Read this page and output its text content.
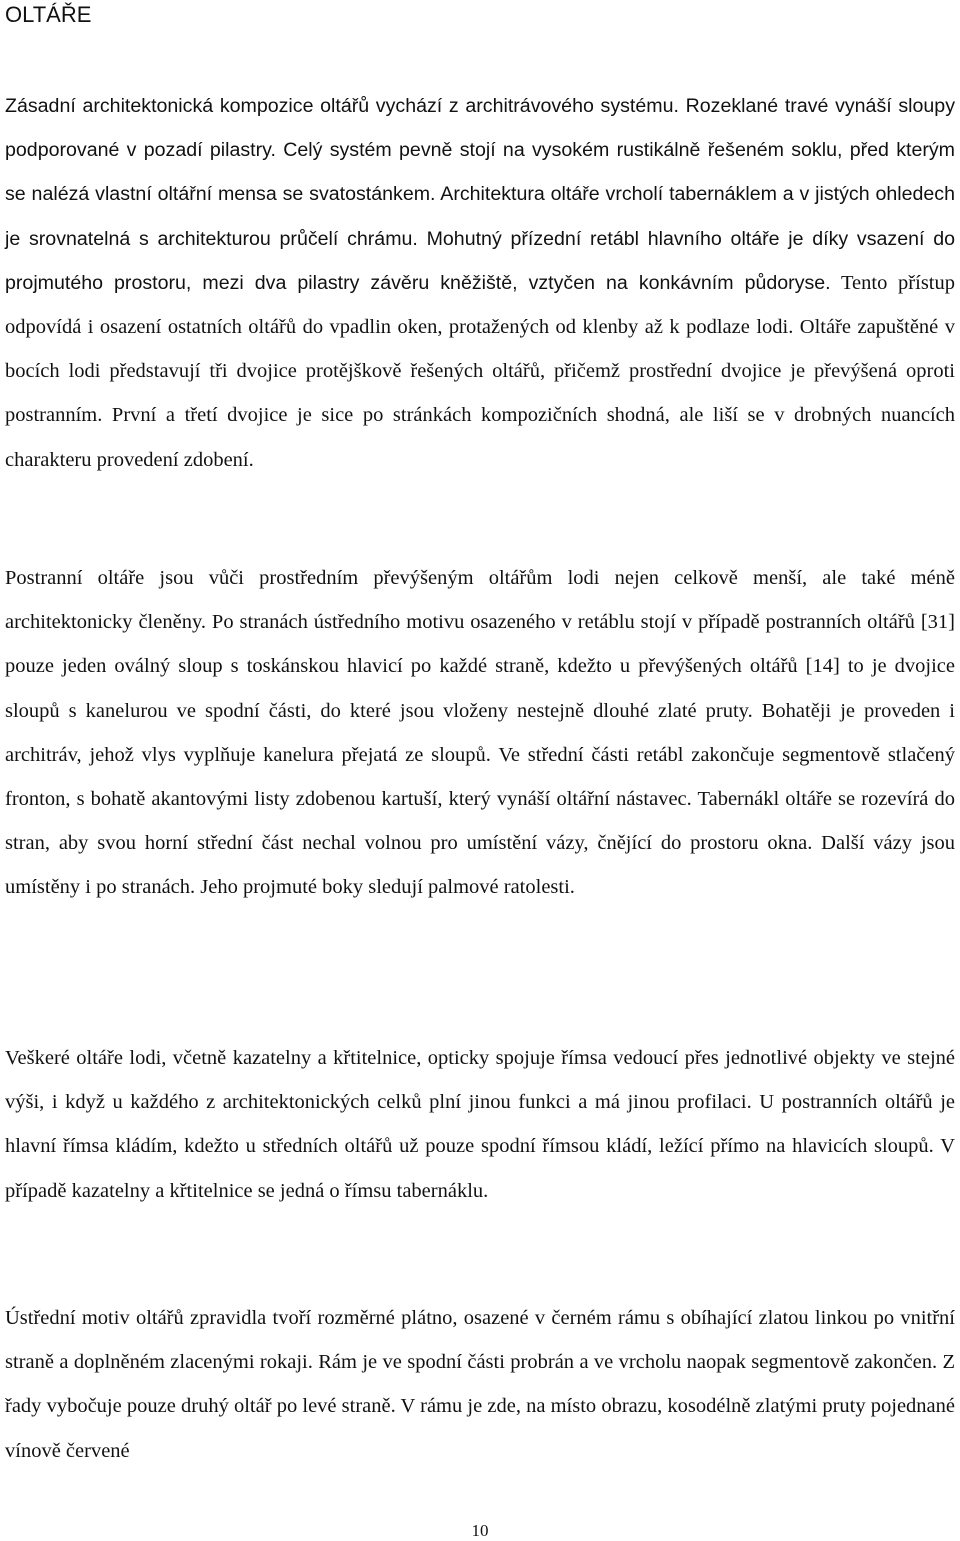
OLTÁŘE

Zásadní architektonická kompozice oltářů vychází z architrávového systému. Rozeklané travé vynáší sloupy podporované v pozadí pilastry. Celý systém pevně stojí na vysokém rustikálně řešeném soklu, před kterým se nalézá vlastní oltářní mensa se svatostánkem. Architektura oltáře vrcholí tabernáklem a v jistých ohledech je srovnatelná s architekturou průčelí chrámu. Mohutný přízední retábl hlavního oltáře je díky vsazení do projmutého prostoru, mezi dva pilastry závěru kněžiště, vztyčen na konkávním půdoryse. Tento přístup odpovídá i osazení ostatních oltářů do vpadlin oken, protažených od klenby až k podlaze lodi. Oltáře zapuštěné v bocích lodi představují tři dvojice protějškově řešených oltářů, přičemž prostřední dvojice je převýšená oproti postranním. První a třetí dvojice je sice po stránkách kompozičních shodná, ale liší se v drobných nuancích charakteru provedení zdobení.

Postranní oltáře jsou vůči prostředním převýšeným oltářům lodi nejen celkově menší, ale také méně architektonicky členěny. Po stranách ústředního motivu osazeného v retáblu stojí v případě postranních oltářů [31] pouze jeden oválný sloup s toskánskou hlavicí po každé straně, kdežto u převýšených oltářů [14] to je dvojice sloupů s kanelurou ve spodní části, do které jsou vloženy nestejně dlouhé zlaté pruty. Bohatěji je proveden i architráv, jehož vlys vyplňuje kanelura přejatá ze sloupů. Ve střední části retábl zakončuje segmentově stlačený fronton, s bohatě akantovými listy zdobenou kartuší, který vynáší oltářní nástavec. Tabernákl oltáře se rozevírá do stran, aby svou horní střední část nechal volnou pro umístění vázy, čnějící do prostoru okna. Další vázy jsou umístěny i po stranách. Jeho projmuté boky sledují palmové ratolesti.

Veškeré oltáře lodi, včetně kazatelny a křtitelnice, opticky spojuje římsa vedoucí přes jednotlivé objekty ve stejné výši, i když u každého z architektonických celků plní jinou funkci a má jinou profilaci. U postranních oltářů je hlavní římsa kládím, kdežto u středních oltářů už pouze spodní římsou kládí, ležící přímo na hlavicích sloupů. V případě kazatelny a křtitelnice se jedná o římsu tabernáklu.

Ústřední motiv oltářů zpravidla tvoří rozměrné plátno, osazené v černém rámu s obíhající zlatou linkou po vnitřní straně a doplněném zlacenými rokaji. Rám je ve spodní části probrán a ve vrcholu naopak segmentově zakončen. Z řady vybočuje pouze druhý oltář po levé straně. V rámu je zde, na místo obrazu, kosodélně zlatými pruty pojednané vínově červené

10
